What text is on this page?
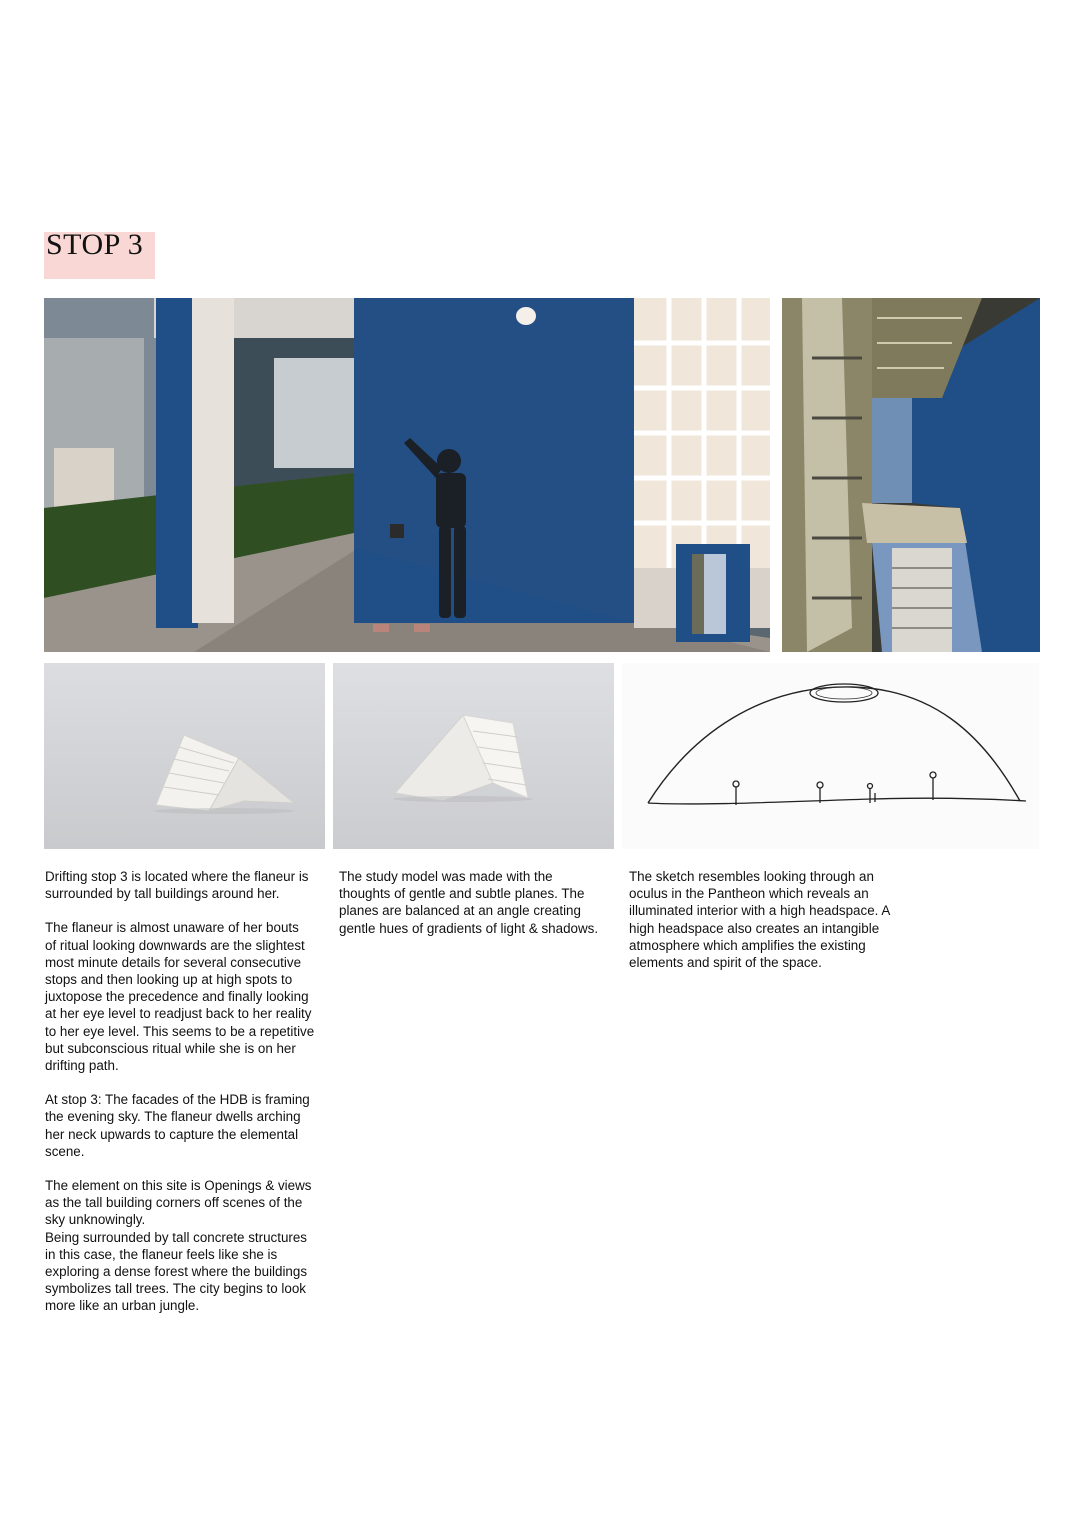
STOP 3

Drifting stop 3 is located where the flaneur is
surrounded by tall buildings around her.

The flaneur is almost unaware of her bouts
of ritual looking downwards are the slightest
most minute details for several consecutive
stops and then looking up at high spots to
juxtopose the precedence and finally looking
at her eye level to readjust back to her reality
to her eye level. This seems to be a repetitive
but subconscious ritual while she is on her
drifting path.

At stop 3: The facades of the HDB is framing
the evening sky. The flaneur dwells arching
her neck upwards to capture the elemental
scene.

The element on this site is Openings & views
as the tall building corners off scenes of the
sky unknowingly.

Being surrounded by tall concrete structures
in this case, the flaneur feels like she is
exploring a dense forest where the buildings
symbolizes tall trees. The city begins to look
more like an urban jungle.

The study model was made with the
thoughts of gentle and subtle planes. The
planes are balanced at an angle creating
gentle hues of gradients of light & shadows.

The sketch resembles looking through an
oculus in the Pantheon which reveals an
illuminated interior with a high headspace. A
high headspace also creates an intangible
atmosphere which amplifies the existing
elements and spirit of the space.
